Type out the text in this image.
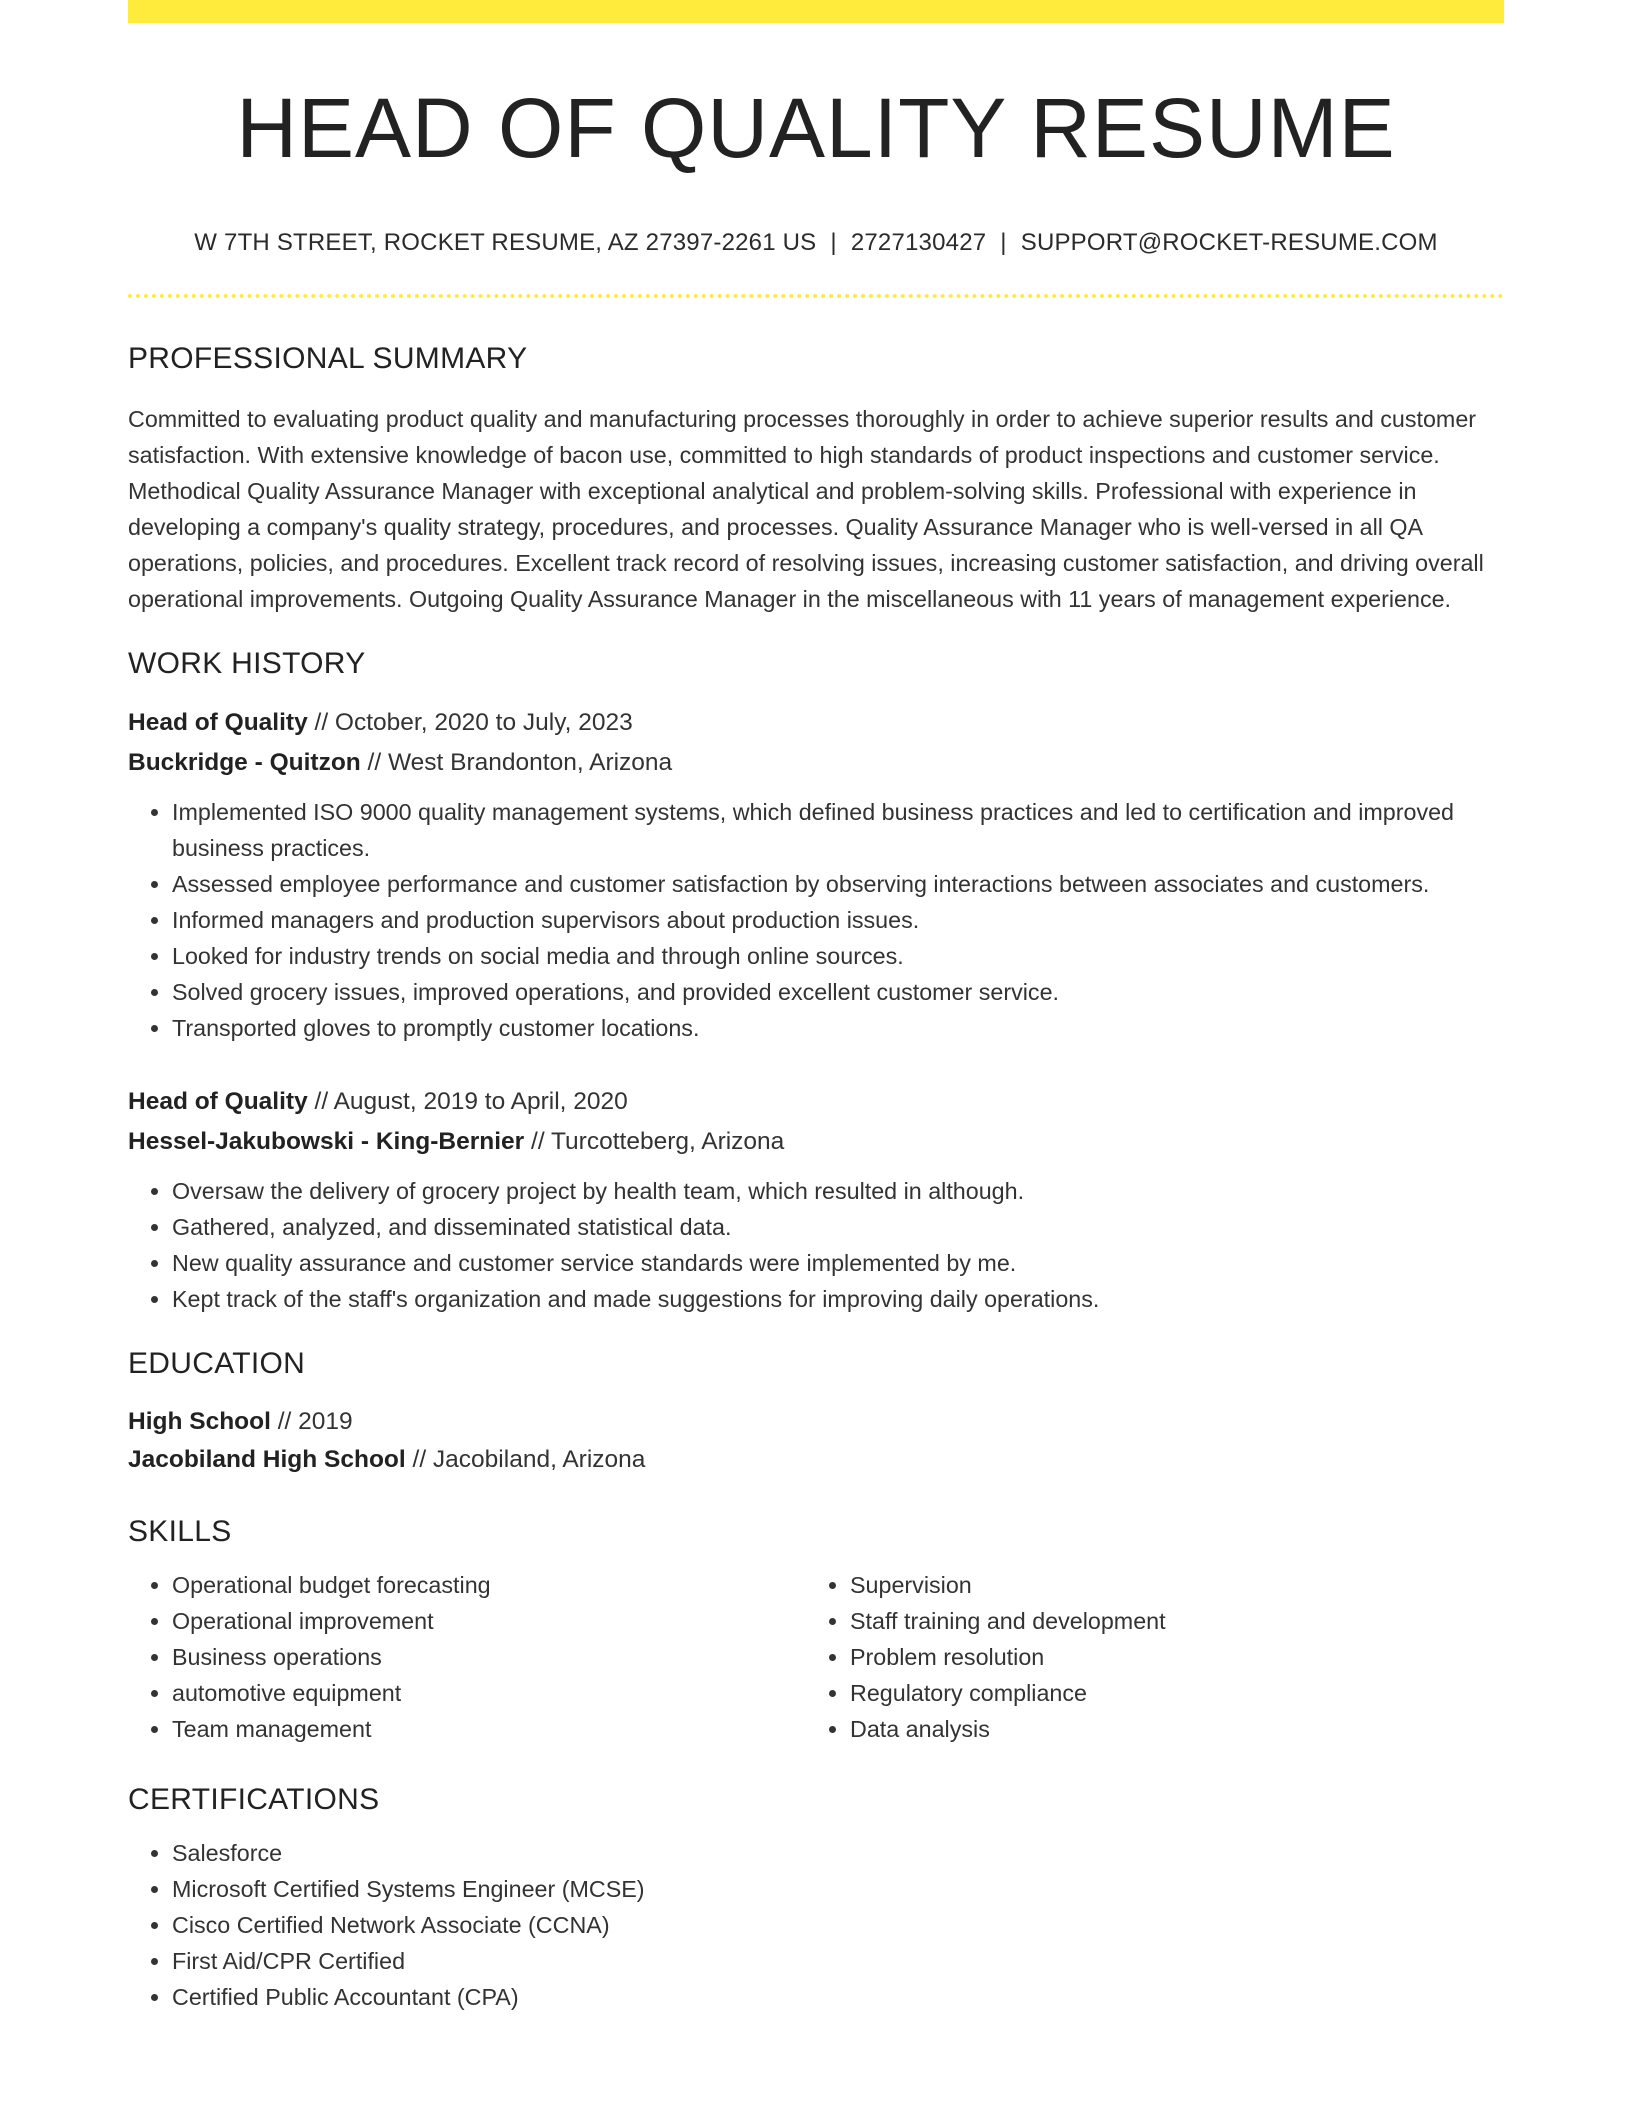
HEAD OF QUALITY RESUME
W 7TH STREET, ROCKET RESUME, AZ 27397-2261 US | 2727130427 | SUPPORT@ROCKET-RESUME.COM
PROFESSIONAL SUMMARY

Committed to evaluating product quality and manufacturing processes thoroughly in order to achieve superior results and customer satisfaction. With extensive knowledge of bacon use, committed to high standards of product inspections and customer service. Methodical Quality Assurance Manager with exceptional analytical and problem-solving skills. Professional with experience in developing a company's quality strategy, procedures, and processes. Quality Assurance Manager who is well-versed in all QA operations, policies, and procedures. Excellent track record of resolving issues, increasing customer satisfaction, and driving overall operational improvements. Outgoing Quality Assurance Manager in the miscellaneous with 11 years of management experience.

WORK HISTORY
Head of Quality // October, 2020 to July, 2023
Buckridge - Quitzon // West Brandonton, Arizona
• Implemented ISO 9000 quality management systems, which defined business practices and led to certification and improved business practices.
• Assessed employee performance and customer satisfaction by observing interactions between associates and customers.
• Informed managers and production supervisors about production issues.
• Looked for industry trends on social media and through online sources.
• Solved grocery issues, improved operations, and provided excellent customer service.
• Transported gloves to promptly customer locations.
Head of Quality // August, 2019 to April, 2020
Hessel-Jakubowski - King-Bernier // Turcotteberg, Arizona
• Oversaw the delivery of grocery project by health team, which resulted in although.
• Gathered, analyzed, and disseminated statistical data.
• New quality assurance and customer service standards were implemented by me.
• Kept track of the staff's organization and made suggestions for improving daily operations.
EDUCATION
High School // 2019
Jacobiland High School // Jacobiland, Arizona
SKILLS
• Operational budget forecasting
• Operational improvement
• Business operations
• automotive equipment
• Team management
• Supervision
• Staff training and development
• Problem resolution
• Regulatory compliance
• Data analysis
CERTIFICATIONS
• Salesforce
• Microsoft Certified Systems Engineer (MCSE)
• Cisco Certified Network Associate (CCNA)
• First Aid/CPR Certified
• Certified Public Accountant (CPA)
